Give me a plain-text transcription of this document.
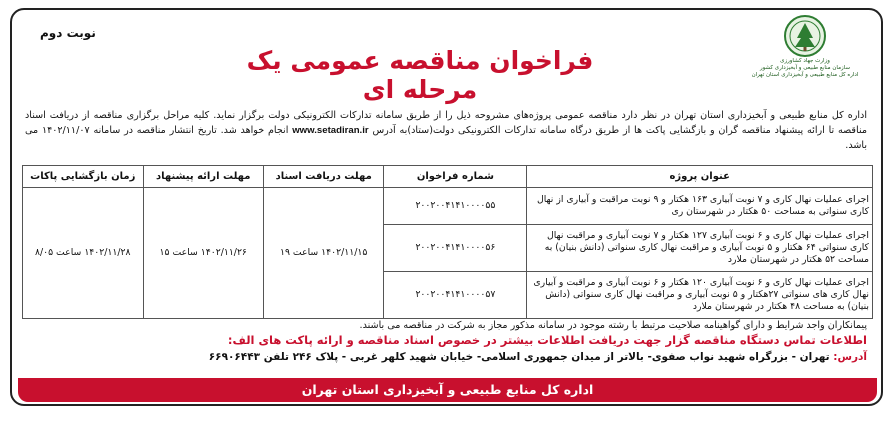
نوبت دوم
وزارت جهاد کشاورزی
سازمان منابع طبیعی و آبخیزداری کشور
اداره کل منابع طبیعی و آبخیزداری استان تهران
فراخوان مناقصه عمومی یک مرحله ای
اداره کل منابع طبیعی و آبخیزداری استان تهران در نظر دارد مناقصه عمومی پروژه‌های مشروحه ذیل را از طریق سامانه تدارکات الکترونیکی دولت برگزار نماید. کلیه مراحل برگزاری مناقصه از دریافت اسناد مناقصه تا ارائه پیشنهاد مناقصه گران و بازگشایی پاکت ها از طریق درگاه سامانه تدارکات الکترونیکی دولت(ستاد)به آدرس www.setadiran.ir انجام خواهد شد. تاریخ انتشار مناقصه در سامانه ۱۴۰۲/۱۱/۰۷ می باشد.
عنوان پروژه	شماره فراخوان	مهلت دریافت اسناد	مهلت ارائه پیشنهاد	زمان بازگشایی پاکات
اجرای عملیات نهال کاری و ۷ نوبت آبیاری ۱۶۳ هکتار و ۹ نوبت مراقبت و آبیاری از نهال کاری سنواتی به مساحت ۵۰ هکتار در شهرستان ری	۲۰۰۲۰۰۴۱۴۱۰۰۰۰۵۵	۱۴۰۲/۱۱/۱۵ ساعت ۱۹	۱۴۰۲/۱۱/۲۶ ساعت ۱۵	۱۴۰۲/۱۱/۲۸ ساعت ۸/۰۵
اجرای عملیات نهال کاری و ۶ نوبت آبیاری ۱۲۷ هکتار و ۷ نوبت آبیاری و مراقبت نهال کاری سنواتی ۶۴ هکتار و ۵ نوبت آبیاری و مراقبت نهال کاری سنواتی (دانش بنیان) به مساحت ۵۲ هکتار در شهرستان ملارد	۲۰۰۲۰۰۴۱۴۱۰۰۰۰۵۶			
اجرای عملیات نهال کاری و ۶ نوبت آبیاری ۱۲۰ هکتار و ۶ نوبت آبیاری و مراقبت و آبیاری نهال کاری های سنواتی ۲۷هکتار و ۵ نوبت آبیاری و مراقبت نهال کاری سنواتی (دانش بنیان) به مساحت ۴۸ هکتار در شهرستان ملارد	۲۰۰۲۰۰۴۱۴۱۰۰۰۰۵۷			
پیمانکاران واجد شرایط و دارای گواهینامه صلاحیت مرتبط با رشته موجود در سامانه مذکور مجاز به شرکت در مناقصه می باشند.
اطلاعات تماس دستگاه مناقصه گزار جهت دریافت اطلاعات بیشتر در خصوص اسناد مناقصه و ارائه پاکت های الف:
آدرس: تهران - بزرگراه شهید نواب صفوی- بالاتر از میدان جمهوری اسلامی- خیابان شهید کلهر غربی - پلاک ۲۴۶ تلفن ۶۶۹۰۶۴۴۳
اداره کل منابع طبیعی و آبخیزداری استان تهران
